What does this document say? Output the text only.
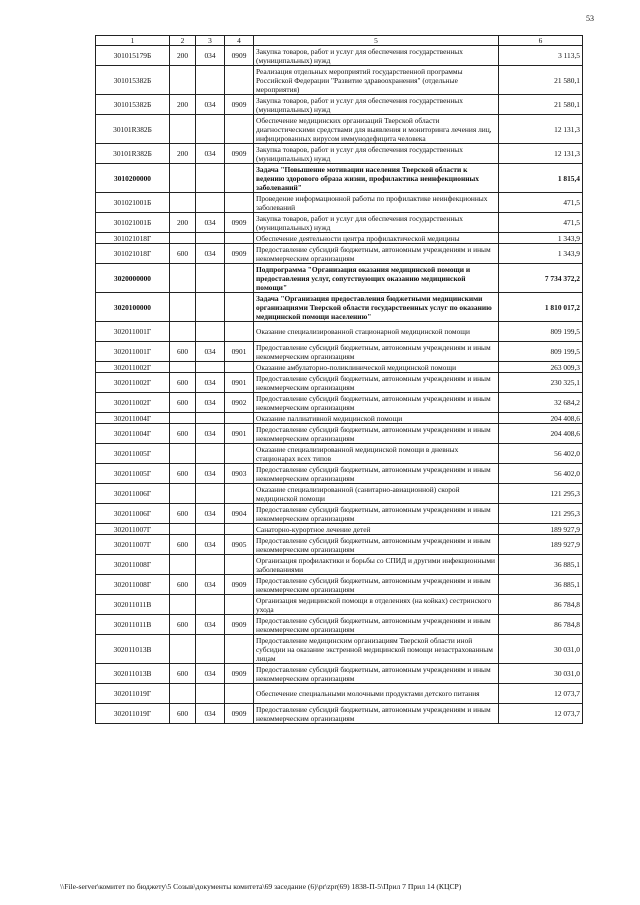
53
1	2	3	4	5	6
301015179Б	200	034	0909	Закупка товаров, работ и услуг для обеспечения государственных (муниципальных) нужд	3 113,5
301015382Б				Реализация отдельных мероприятий государственной программы Российской Федерации "Развитие здравоохранения" (отдельные мероприятия)	21 580,1
301015382Б	200	034	0909	Закупка товаров, работ и услуг для обеспечения государственных (муниципальных) нужд	21 580,1
30101R382Б				Обеспечение медицинских организаций Тверской области диагностическими средствами для выявления и мониторинга лечения лиц, инфицированных вирусом иммунодефицита человека	12 131,3
30101R382Б	200	034	0909	Закупка товаров, работ и услуг для обеспечения государственных (муниципальных) нужд	12 131,3
3010200000				Задача "Повышение мотивации населения Тверской области к ведению здорового образа жизни, профилактика неинфекционных заболеваний"	1 815,4
301021001Б				Проведение информационной работы по профилактике неинфекционных заболеваний	471,5
301021001Б	200	034	0909	Закупка товаров, работ и услуг для обеспечения государственных (муниципальных) нужд	471,5
301021018Г				Обеспечение деятельности центра профилактической медицины	1 343,9
301021018Г	600	034	0909	Предоставление субсидий бюджетным, автономным учреждениям и иным некоммерческим организациям	1 343,9
3020000000				Подпрограмма "Организация оказания медицинской помощи и предоставления услуг, сопутствующих оказанию медицинской помощи"	7 734 372,2
3020100000				Задача "Организация предоставления бюджетными медицинскими организациями Тверской области государственных услуг по оказанию медицинской помощи населению"	1 810 017,2
302011001Г				Оказание специализированной стационарной медицинской помощи	809 199,5
302011001Г	600	034	0901	Предоставление субсидий бюджетным, автономным учреждениям и иным некоммерческим организациям	809 199,5
302011002Г				Оказание амбулаторно-поликлинической медицинской помощи	263 009,3
302011002Г	600	034	0901	Предоставление субсидий бюджетным, автономным учреждениям и иным некоммерческим организациям	230 325,1
302011002Г	600	034	0902	Предоставление субсидий бюджетным, автономным учреждениям и иным некоммерческим организациям	32 684,2
302011004Г				Оказание паллиативной медицинской помощи	204 408,6
302011004Г	600	034	0901	Предоставление субсидий бюджетным, автономным учреждениям и иным некоммерческим организациям	204 408,6
302011005Г				Оказание специализированной медицинской помощи в дневных стационарах всех типов	56 402,0
302011005Г	600	034	0903	Предоставление субсидий бюджетным, автономным учреждениям и иным некоммерческим организациям	56 402,0
302011006Г				Оказание специализированной (санитарно-авиационной) скорой медицинской помощи	121 295,3
302011006Г	600	034	0904	Предоставление субсидий бюджетным, автономным учреждениям и иным некоммерческим организациям	121 295,3
302011007Г				Санаторно-курортное лечение детей	189 927,9
302011007Г	600	034	0905	Предоставление субсидий бюджетным, автономным учреждениям и иным некоммерческим организациям	189 927,9
302011008Г				Организация профилактики и борьбы со СПИД и другими инфекционными заболеваниями	36 885,1
302011008Г	600	034	0909	Предоставление субсидий бюджетным, автономным учреждениям и иным некоммерческим организациям	36 885,1
302011011В				Организация медицинской помощи в отделениях (на койках) сестринского ухода	86 784,8
302011011В	600	034	0909	Предоставление субсидий бюджетным, автономным учреждениям и иным некоммерческим организациям	86 784,8
302011013В				Предоставление медицинским организациям Тверской области иной субсидии на оказание экстренной медицинской помощи незастрахованным лицам	30 031,0
302011013В	600	034	0909	Предоставление субсидий бюджетным, автономным учреждениям и иным некоммерческим организациям	30 031,0
302011019Г				Обеспечение специальными молочными продуктами детского питания	12 073,7
302011019Г	600	034	0909	Предоставление субсидий бюджетным, автономным учреждениям и иным некоммерческим организациям	12 073,7
\\File-server\комитет по бюджету\5 Созыв\документы комитета\69 заседание (6)\pr\zpr(69) 1838-П-5\Прил 7 Прил 14 (КЦСР)
